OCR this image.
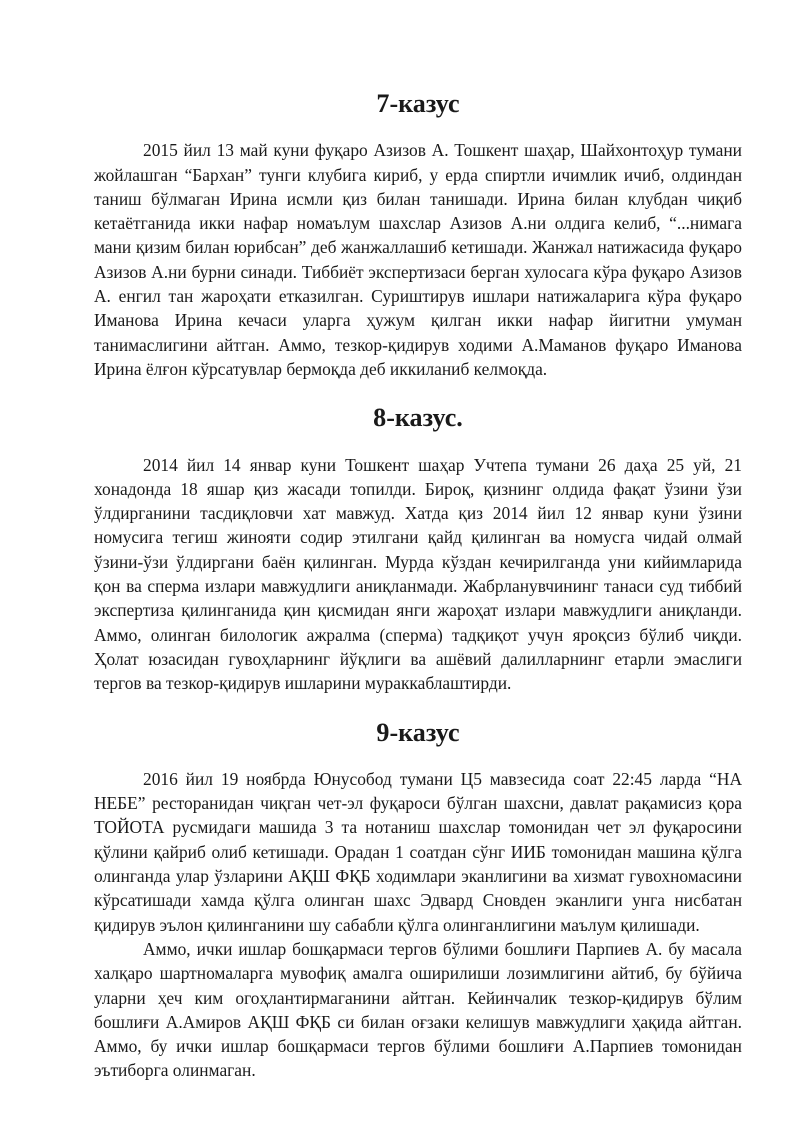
7-казус

2015 йил 13 май куни фуқаро Азизов А. Тошкент шаҳар, Шайхонтоҳур тумани жойлашган “Бархан” тунги клубига кириб, у ерда спиртли ичимлик ичиб, олдиндан таниш бўлмаган Ирина исмли қиз билан танишади. Ирина билан клубдан чиқиб кетаётганида икки нафар номаълум шахслар Азизов А.ни олдига келиб, “...нимага мани қизим билан юрибсан” деб жанжаллашиб кетишади. Жанжал натижасида фуқаро Азизов А.ни бурни синади. Тиббиёт экспертизаси берган хулосага кўра фуқаро Азизов А. енгил тан жароҳати етказилган. Суриштирув ишлари натижаларига кўра фуқаро Иманова Ирина кечаси уларга ҳужум қилган икки нафар йигитни умуман танимаслигини айтган. Аммо, тезкор-қидирув ходими А.Маманов фуқаро Иманова Ирина ёлғон кўрсатувлар бермоқда деб иккиланиб келмоқда.

8-казус.

2014 йил 14 январ куни Тошкент шаҳар Учтепа тумани 26 даҳа 25 уй, 21 хонадонда 18 яшар қиз жасади топилди. Бироқ, қизнинг олдида фақат ўзини ўзи ўлдирганини тасдиқловчи хат мавжуд. Хатда қиз 2014 йил 12 январ куни ўзини номусига тегиш жинояти содир этилгани қайд қилинган ва номусга чидай олмай ўзини-ўзи ўлдиргани баён қилинган. Мурда кўздан кечирилганда уни кийимларида қон ва сперма излари мавжудлиги аниқланмади. Жабрланувчининг танаси суд тиббий экспертиза қилинганида қин қисмидан янги жароҳат излари мавжудлиги аниқланди. Аммо, олинган билологик ажралма (сперма) тадқиқот учун яроқсиз бўлиб чиқди. Ҳолат юзасидан гувоҳларнинг йўқлиги ва ашёвий далилларнинг етарли эмаслиги тергов ва тезкор-қидирув ишларини мураккаблаштирди.

9-казус

2016 йил 19 ноябрда Юнусобод тумани Ц5 мавзесида соат 22:45 ларда “НА НЕБЕ” ресторанидан чиқган чет-эл фуқароси бўлган шахсни, давлат рақамисиз қора ТОЙОТА русмидаги машида 3 та нотаниш шахслар томонидан чет эл фуқаросини қўлини қайриб олиб кетишади. Орадан 1 соатдан сўнг ИИБ томонидан машина қўлга олинганда улар ўзларини АҚШ ФҚБ ходимлари эканлигини ва хизмат гувохномасини кўрсатишади хамда қўлга олинган шахс Эдвард Сновден эканлиги унга нисбатан қидирув эълон қилинганини шу сабабли қўлга олинганлигини маълум қилишади.

Аммо, ички ишлар бошқармаси тергов бўлими бошлиғи Парпиев А. бу масала халқаро шартномаларга мувофиқ амалга оширилиши лозимлигини айтиб, бу бўйича уларни ҳеч ким огоҳлантирмаганини айтган. Кейинчалик тезкор-қидирув бўлим бошлиғи А.Амиров АҚШ ФҚБ си билан оғзаки келишув мавжудлиги ҳақида айтган. Аммо, бу ички ишлар бошқармаси тергов бўлими бошлиғи А.Парпиев томонидан эътиборга олинмаган.
